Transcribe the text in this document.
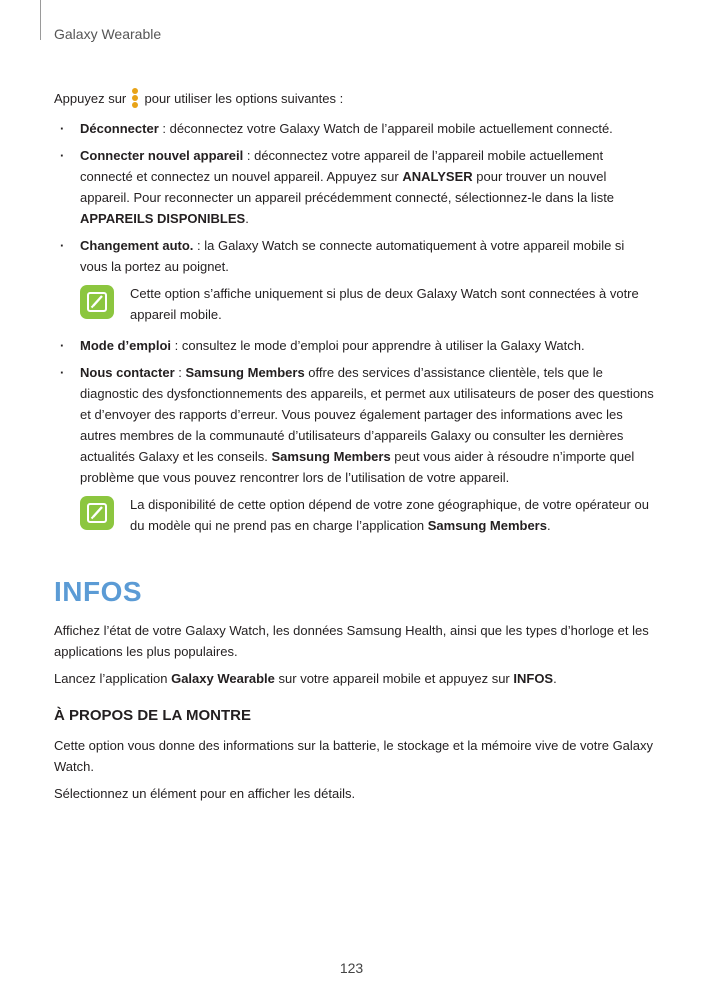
Galaxy Wearable

Appuyez sur
pour utiliser les options suivantes :

· Déconnecter : déconnectez votre Galaxy Watch de l’appareil mobile actuellement connecté.
· Connecter nouvel appareil : déconnectez votre appareil de l’appareil mobile actuellement connecté et connectez un nouvel appareil. Appuyez sur ANALYSER pour trouver un nouvel appareil. Pour reconnecter un appareil précédemment connecté, sélectionnez-le dans la liste APPAREILS DISPONIBLES.
· Changement auto. : la Galaxy Watch se connecte automatiquement à votre appareil mobile si vous la portez au poignet.
Cette option s’affiche uniquement si plus de deux Galaxy Watch sont connectées à votre appareil mobile.
· Mode d’emploi : consultez le mode d’emploi pour apprendre à utiliser la Galaxy Watch.
· Nous contacter : Samsung Members offre des services d’assistance clientèle, tels que le diagnostic des dysfonctionnements des appareils, et permet aux utilisateurs de poser des questions et d’envoyer des rapports d’erreur. Vous pouvez également partager des informations avec les autres membres de la communauté d’utilisateurs d’appareils Galaxy ou consulter les dernières actualités Galaxy et les conseils. Samsung Members peut vous aider à résoudre n’importe quel problème que vous pouvez rencontrer lors de l’utilisation de votre appareil.
La disponibilité de cette option dépend de votre zone géographique, de votre opérateur ou du modèle qui ne prend pas en charge l’application Samsung Members.
INFOS

Affichez l’état de votre Galaxy Watch, les données Samsung Health, ainsi que les types d’horloge et les applications les plus populaires.

Lancez l’application Galaxy Wearable sur votre appareil mobile et appuyez sur INFOS.

À PROPOS DE LA MONTRE

Cette option vous donne des informations sur la batterie, le stockage et la mémoire vive de votre Galaxy Watch.

Sélectionnez un élément pour en afficher les détails.

123
